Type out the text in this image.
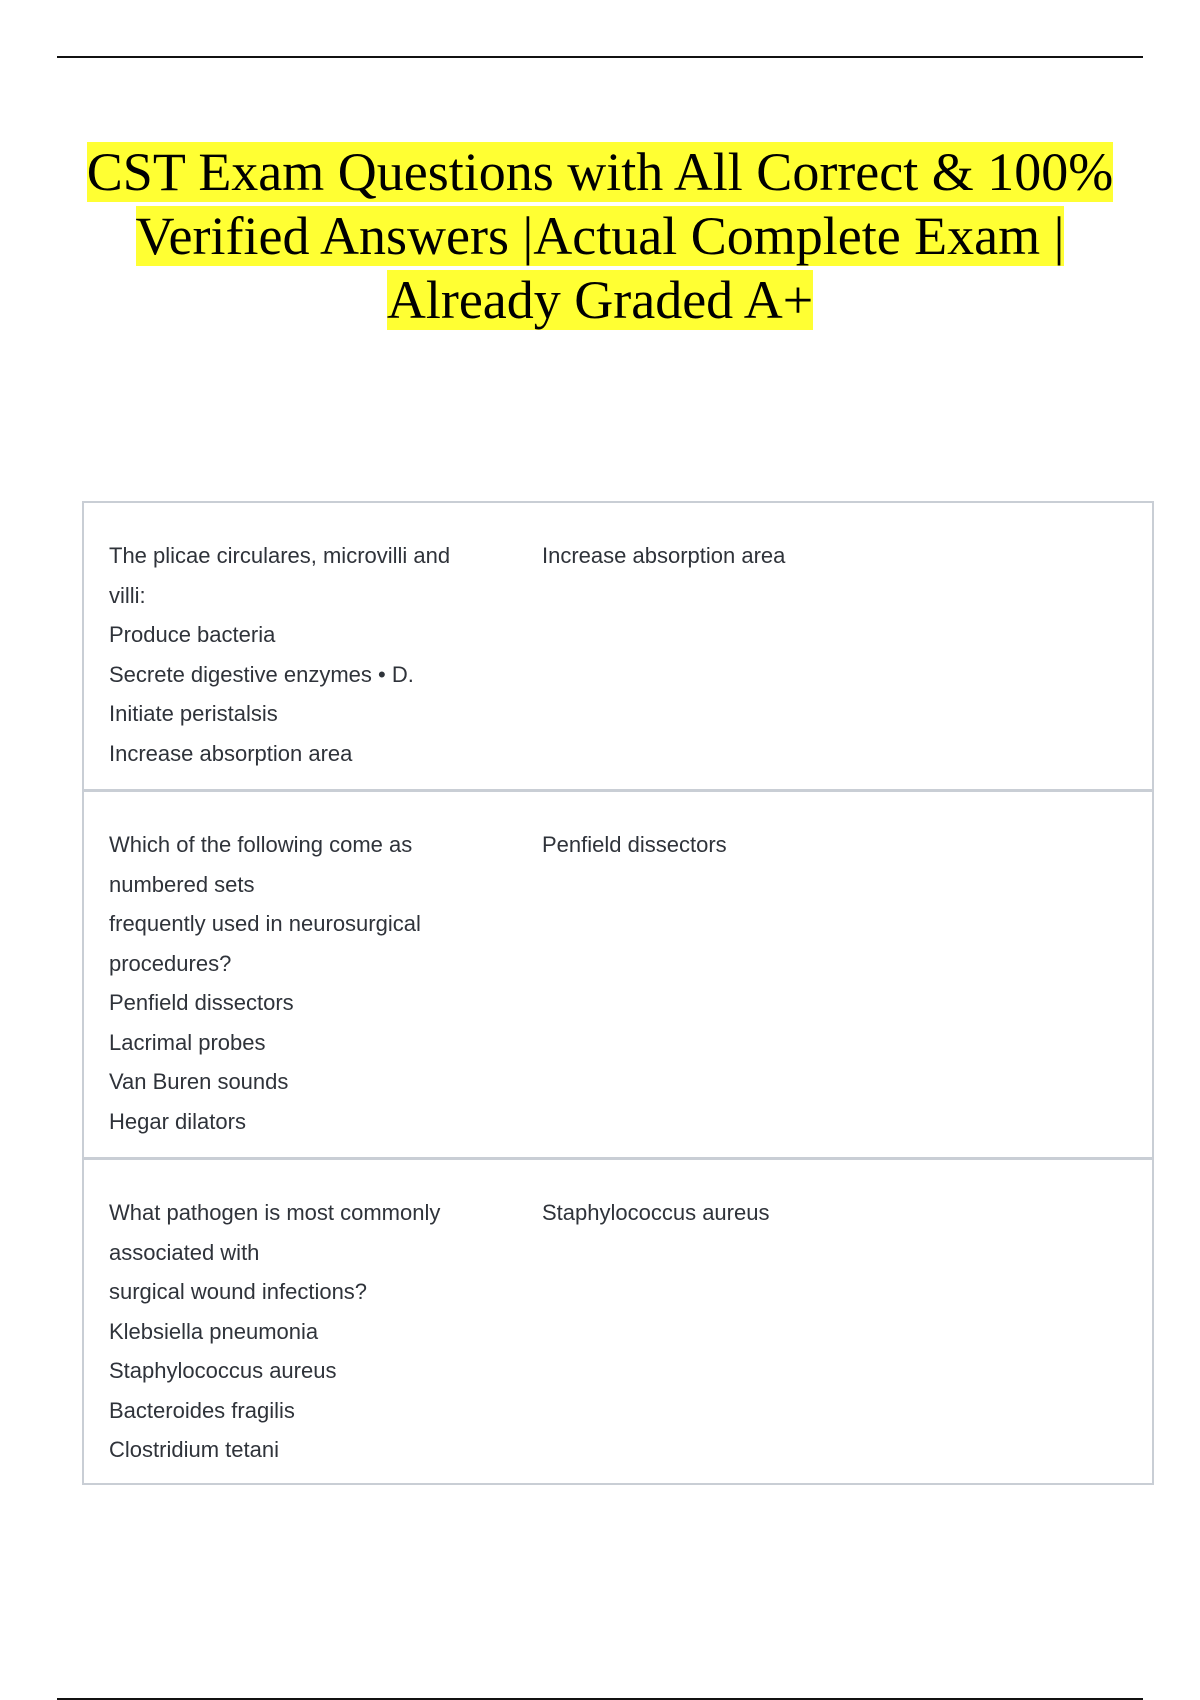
CST Exam Questions with All Correct & 100%
Verified Answers |Actual Complete Exam |
Already Graded A+
The plicae circulares, microvilli and
villi:
Produce bacteria
Secrete digestive enzymes • D.
Initiate peristalsis
Increase absorption area
Increase absorption area
Which of the following come as
numbered sets
frequently used in neurosurgical
procedures?
Penfield dissectors
Lacrimal probes
Van Buren sounds
Hegar dilators
Penfield dissectors
What pathogen is most commonly
associated with
surgical wound infections?
Klebsiella pneumonia
Staphylococcus aureus
Bacteroides fragilis
Clostridium tetani
Staphylococcus aureus
